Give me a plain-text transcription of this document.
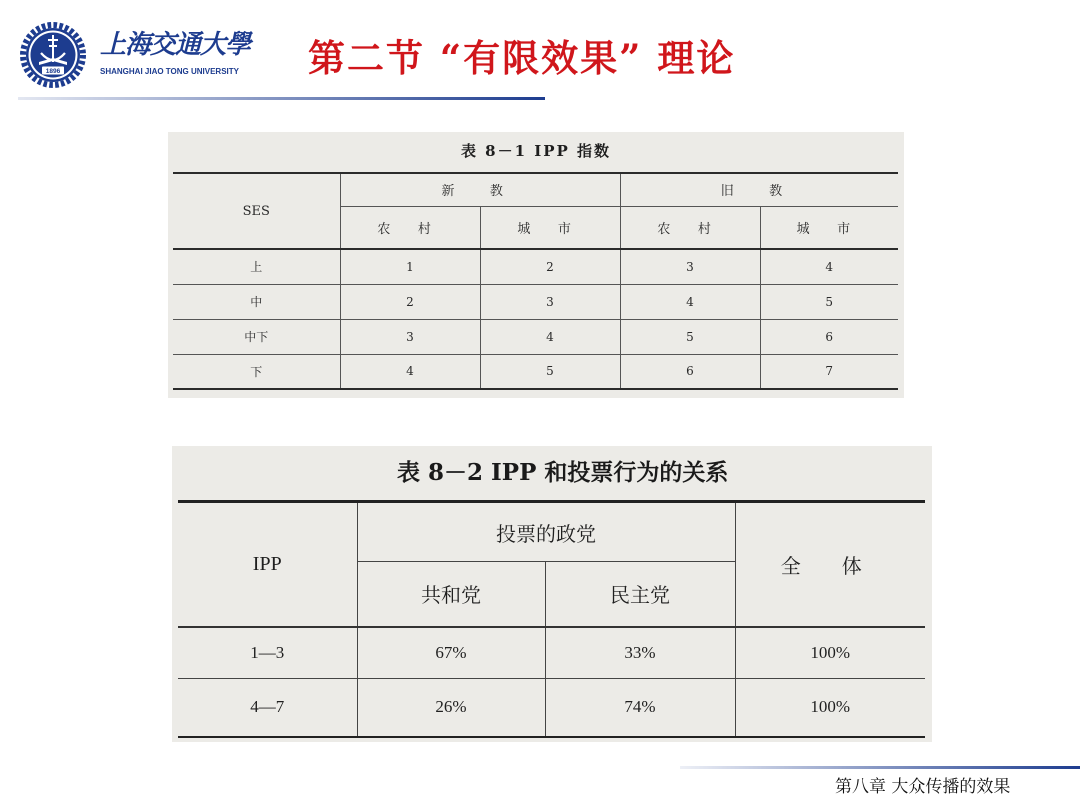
1896
上海交通大學
SHANGHAI JIAO TONG UNIVERSITY 第二节 “有限效果” 理论
表 8－1 IPP 指数
SES	新 教		旧 教	
	农 村	城 市	农 村	城 市
上	1	2	3	4
中	2	3	4	5
中下	3	4	5	6
下	4	5	6	7
表 8－2 IPP 和投票行为的关系
IPP	投票的政党		全 体
	共和党	民主党	
1—3	67%	33%	100%
4—7	26%	74%	100%
第八章 大众传播的效果
